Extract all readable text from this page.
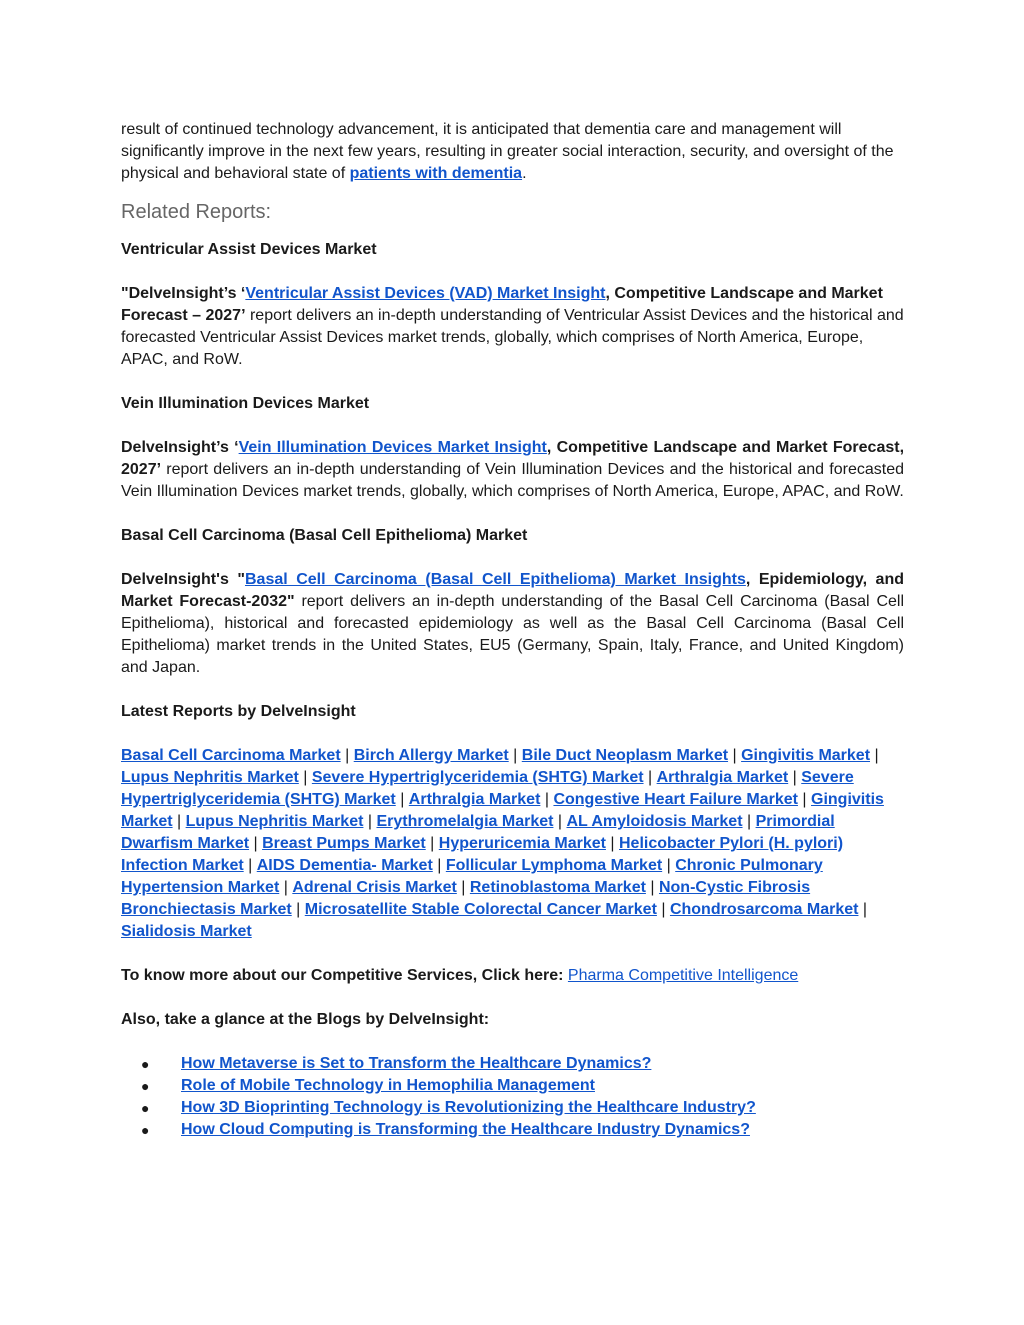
result of continued technology advancement, it is anticipated that dementia care and management will significantly improve in the next few years, resulting in greater social interaction, security, and oversight of the physical and behavioral state of patients with dementia.

Related Reports:

Ventricular Assist Devices Market

"DelveInsight’s ‘Ventricular Assist Devices (VAD) Market Insight, Competitive Landscape and Market Forecast – 2027’ report delivers an in-depth understanding of Ventricular Assist Devices and the historical and forecasted Ventricular Assist Devices market trends, globally, which comprises of North America, Europe, APAC, and RoW.

Vein Illumination Devices Market

DelveInsight’s ‘Vein Illumination Devices Market Insight, Competitive Landscape and Market Forecast, 2027’ report delivers an in-depth understanding of Vein Illumination Devices and the historical and forecasted Vein Illumination Devices market trends, globally, which comprises of North America, Europe, APAC, and RoW.

Basal Cell Carcinoma (Basal Cell Epithelioma) Market

DelveInsight's "Basal Cell Carcinoma (Basal Cell Epithelioma) Market Insights, Epidemiology, and Market Forecast-2032" report delivers an in-depth understanding of the Basal Cell Carcinoma (Basal Cell Epithelioma), historical and forecasted epidemiology as well as the Basal Cell Carcinoma (Basal Cell Epithelioma) market trends in the United States, EU5 (Germany, Spain, Italy, France, and United Kingdom) and Japan.

Latest Reports by DelveInsight

Basal Cell Carcinoma Market | Birch Allergy Market | Bile Duct Neoplasm Market | Gingivitis Market | Lupus Nephritis Market | Severe Hypertriglyceridemia (SHTG) Market | Arthralgia Market | Severe Hypertriglyceridemia (SHTG) Market | Arthralgia Market | Congestive Heart Failure Market | Gingivitis Market | Lupus Nephritis Market | Erythromelalgia Market | AL Amyloidosis Market | Primordial Dwarfism Market | Breast Pumps Market | Hyperuricemia Market | Helicobacter Pylori (H. pylori) Infection Market | AIDS Dementia- Market | Follicular Lymphoma Market | Chronic Pulmonary Hypertension Market | Adrenal Crisis Market | Retinoblastoma Market | Non-Cystic Fibrosis Bronchiectasis Market | Microsatellite Stable Colorectal Cancer Market | Chondrosarcoma Market | Sialidosis Market

To know more about our Competitive Services, Click here: Pharma Competitive Intelligence

Also, take a glance at the Blogs by DelveInsight:

● How Metaverse is Set to Transform the Healthcare Dynamics?
● Role of Mobile Technology in Hemophilia Management
● How 3D Bioprinting Technology is Revolutionizing the Healthcare Industry?
● How Cloud Computing is Transforming the Healthcare Industry Dynamics?
